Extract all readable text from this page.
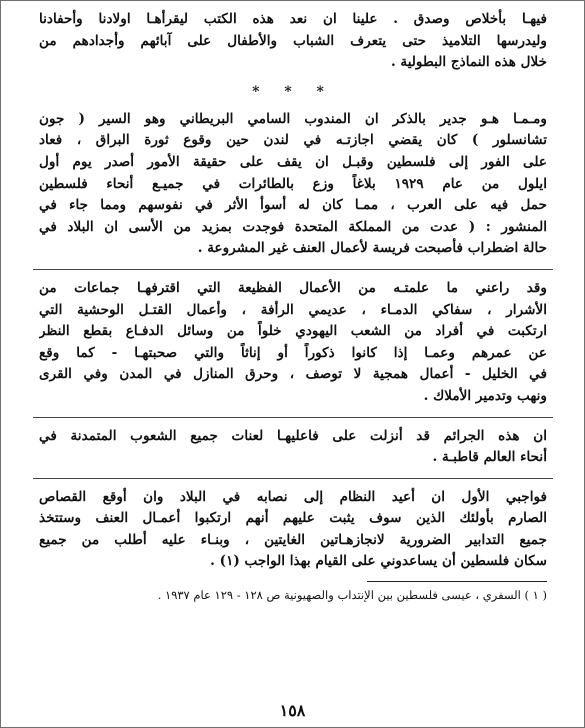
فيهـا بأخلاص وصدق . علينا ان نعد هذه الكتب ليقرأهـا اولادنا وأحفادنا

وليدرسها التلاميذ حتى يتعرف الشباب والأطفال على آبائهم وأجدادهم من

خلال هذه النماذج البطولية .

* * *

ومـمـا هـو جدير بالذكر ان المندوب السامي البريطاني وهو السير ( جون

تشانسلور ) كان يقضي اجازتـه في لندن حين وقوع ثورة البراق ، فعاد

على الفور إلى فلسطين وقبـل ان يقف على حقيقة الأمور أصدر يوم أول

ايلول من عام ١٩٢٩ بلاغاً وزع بالطائرات في جميـع أنحاء فلسطين

حمل فيه على العرب ، ممـا كان له أسوأ الأثر في نفوسهم ومما جاء في

المنشور : ( عدت من المملكة المتحدة فوجدت بمزيد من الأسى ان البلاد في

حالة اضطراب فأصبحت فريسة لأعمال العنف غير المشروعة .

وقد راعني ما علمتـه من الأعمال الفظيعة التي اقترفهـا جماعات من

الأشرار ، سفاكي الدمـاء ، عديمي الرأفة ، وأعمال القتـل الوحشية التي

ارتكبت في أفراد من الشعب اليهودي خلواً من وسائل الدفـاع بقطع النظر

عن عمرهم وعمـا إذا كانوا ذكوراً أو إناثاً والتي صحبتهـا - كما وقع

في الخليل - أعمال همجية لا توصف ، وحرق المنازل في المدن وفي القرى

ونهب وتدمير الأملاك .

ان هذه الجرائم قد أنزلت على فاعليهـا لعنات جميع الشعوب المتمدنة في

أنحاء العالم قاطبـة .

فواجبي الأول ان أعيد النظام إلى نصابه في البلاد وان أوقع القصاص

الصارم بأولئك الذين سوف يثبت عليهم أنهم ارتكبوا أعمـال العنف وستتخذ

جميع التدابير الضرورية لانجازهـاتين الغايتين ، وبنـاء عليه أطلب من جميع

سكان فلسطين أن يساعدوني على القيام بهذا الواجب (١) .

( ١ ) السفري ، عيسى فلسطين بين الإنتداب والصهيونية ص ١٢٨ - ١٢٩ عام ١٩٣٧ .

١٥٨
